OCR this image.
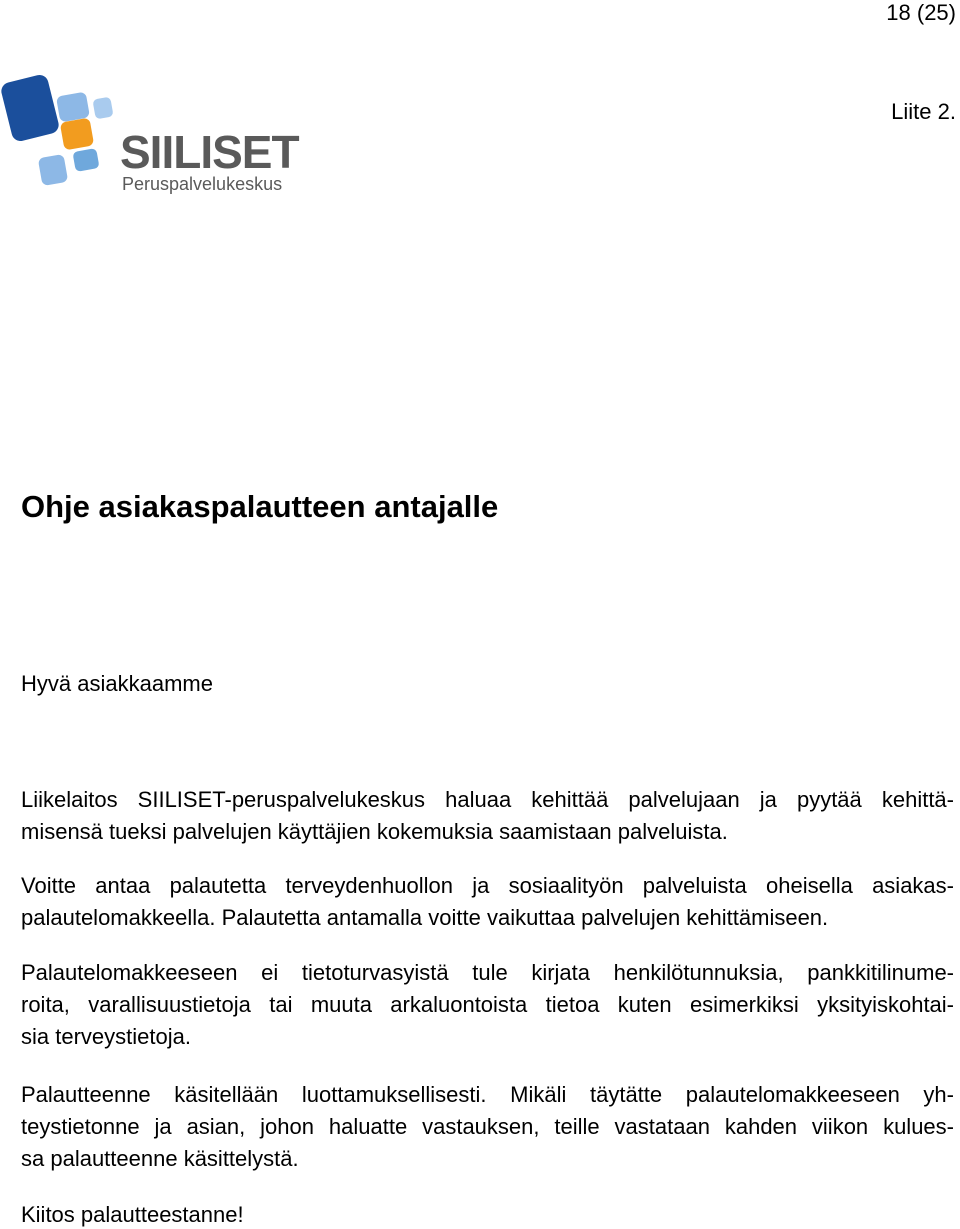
18 (25)
Liite 2.
SIILISET
Peruspalvelukeskus
Ohje asiakaspalautteen antajalle
Hyvä asiakkaamme

Liikelaitos SIILISET-peruspalvelukeskus haluaa kehittää palvelujaan ja pyytää kehittä-
misensä tueksi palvelujen käyttäjien kokemuksia saamistaan palveluista.

Voitte antaa palautetta terveydenhuollon ja sosiaalityön palveluista oheisella asiakas-
palautelomakkeella. Palautetta antamalla voitte vaikuttaa palvelujen kehittämiseen.

Palautelomakkeeseen ei tietoturvasyistä tule kirjata henkilötunnuksia, pankkitilinume-
roita, varallisuustietoja tai muuta arkaluontoista tietoa kuten esimerkiksi yksityiskohtai-
sia terveystietoja.

Palautteenne käsitellään luottamuksellisesti. Mikäli täytätte palautelomakkeeseen yh-
teystietonne ja asian, johon haluatte vastauksen, teille vastataan kahden viikon kulues-
sa palautteenne käsittelystä.

Kiitos palautteestanne!
